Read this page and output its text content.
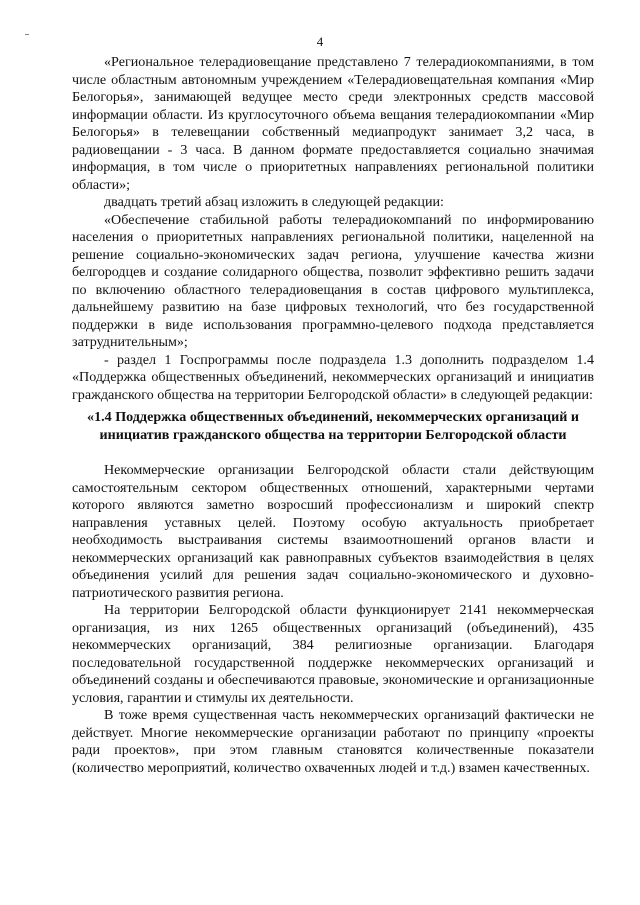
4

«Региональное телерадиовещание представлено 7 телерадиокомпаниями, в том числе областным автономным учреждением «Телерадиовещательная компания «Мир Белогорья», занимающей ведущее место среди электронных средств массовой информации области. Из круглосуточного объема вещания телерадиокомпании «Мир Белогорья» в телевещании собственный медиапродукт занимает 3,2 часа, в радиовещании - 3 часа. В данном формате предоставляется социально значимая информация, в том числе о приоритетных направлениях региональной политики области»;

двадцать третий абзац изложить в следующей редакции:

«Обеспечение стабильной работы телерадиокомпаний по информированию населения о приоритетных направлениях региональной политики, нацеленной на решение социально-экономических задач региона, улучшение качества жизни белгородцев и создание солидарного общества, позволит эффективно решить задачи по включению областного телерадиовещания в состав цифрового мультиплекса, дальнейшему развитию на базе цифровых технологий, что без государственной поддержки в виде использования программно-целевого подхода представляется затруднительным»;

- раздел 1 Госпрограммы после подраздела 1.3 дополнить подразделом 1.4 «Поддержка общественных объединений, некоммерческих организаций и инициатив гражданского общества на территории Белгородской области» в следующей редакции:

«1.4 Поддержка общественных объединений, некоммерческих организаций и инициатив гражданского общества на территории Белгородской области

Некоммерческие организации Белгородской области стали действующим самостоятельным сектором общественных отношений, характерными чертами которого являются заметно возросший профессионализм и широкий спектр направления уставных целей. Поэтому особую актуальность приобретает необходимость выстраивания системы взаимоотношений органов власти и некоммерческих организаций как равноправных субъектов взаимодействия в целях объединения усилий для решения задач социально-экономического и духовно-патриотического развития региона.

На территории Белгородской области функционирует 2141 некоммерческая организация, из них 1265 общественных организаций (объединений), 435 некоммерческих организаций, 384 религиозные организации. Благодаря последовательной государственной поддержке некоммерческих организаций и объединений созданы и обеспечиваются правовые, экономические и организационные условия, гарантии и стимулы их деятельности.

В тоже время существенная часть некоммерческих организаций фактически не действует. Многие некоммерческие организации работают по принципу «проекты ради проектов», при этом главным становятся количественные показатели (количество мероприятий, количество охваченных людей и т.д.) взамен качественных.
